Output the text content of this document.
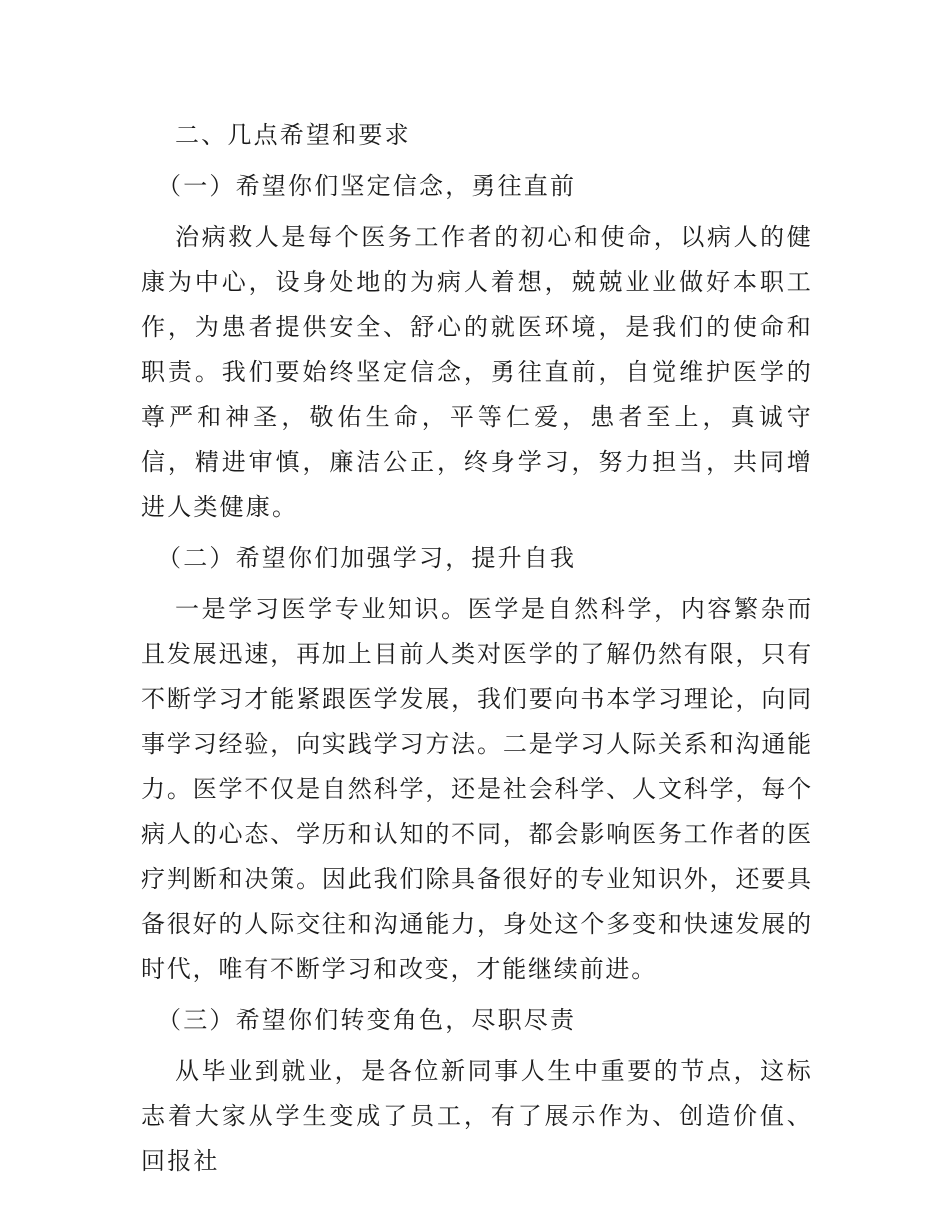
二、几点希望和要求

（一）希望你们坚定信念，勇往直前

治病救人是每个医务工作者的初心和使命，以病人的健康为中心，设身处地的为病人着想，兢兢业业做好本职工作，为患者提供安全、舒心的就医环境，是我们的使命和职责。我们要始终坚定信念，勇往直前，自觉维护医学的尊严和神圣，敬佑生命，平等仁爱，患者至上，真诚守信，精进审慎，廉洁公正，终身学习，努力担当，共同增进人类健康。

（二）希望你们加强学习，提升自我

一是学习医学专业知识。医学是自然科学，内容繁杂而且发展迅速，再加上目前人类对医学的了解仍然有限，只有不断学习才能紧跟医学发展，我们要向书本学习理论，向同事学习经验，向实践学习方法。二是学习人际关系和沟通能力。医学不仅是自然科学，还是社会科学、人文科学，每个病人的心态、学历和认知的不同，都会影响医务工作者的医疗判断和决策。因此我们除具备很好的专业知识外，还要具备很好的人际交往和沟通能力，身处这个多变和快速发展的时代，唯有不断学习和改变，才能继续前进。

（三）希望你们转变角色，尽职尽责

从毕业到就业，是各位新同事人生中重要的节点，这标志着大家从学生变成了员工，有了展示作为、创造价值、回报社
